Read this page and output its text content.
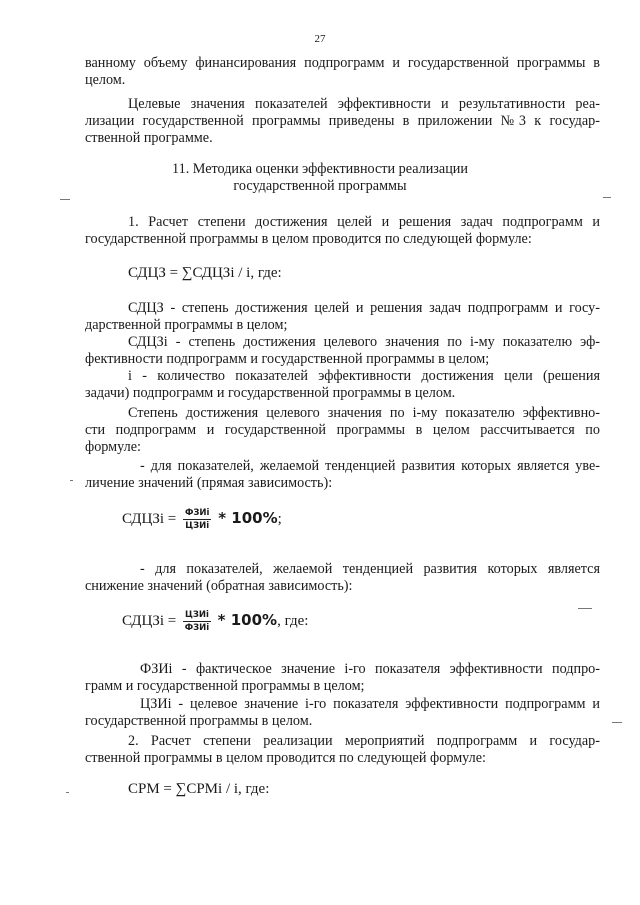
27
ванному объему финансирования подпрограмм и государственной программы в
целом.
Целевые значения показателей эффективности и результативности реа-
лизации государственной программы приведены в приложении №3 к государ-
ственной программе.
11. Методика оценки эффективности реализации
государственной программы
1. Расчет степени достижения целей и решения задач подпрограмм и
государственной программы в целом проводится по следующей формуле:
СДЦЗ = ∑СДЦЗi / i, где:
СДЦЗ - степень достижения целей и решения задач подпрограмм и госу-
дарственной программы в целом;
СДЦЗi - степень достижения целевого значения по i-му показателю эф-
фективности подпрограмм и государственной программы в целом;
i - количество показателей эффективности достижения цели (решения
задачи) подпрограмм и государственной программы в целом.
Степень достижения целевого значения по i-му показателю эффективно-
сти подпрограмм и государственной программы в целом рассчитывается по
формуле:
- для показателей, желаемой тенденцией развития которых является уве-
личение значений (прямая зависимость):
СДЦЗi = $\frac{\text{ФЗИi}}{\text{ЦЗИi}} * 100\%$;
- для показателей, желаемой тенденцией развития которых является
снижение значений (обратная зависимость):
СДЦЗi = $\frac{\text{ЦЗИi}}{\text{ФЗИi}} * 100\%$, где:
ФЗИi - фактическое значение i-го показателя эффективности подпро-
грамм и государственной программы в целом;
ЦЗИi - целевое значение i-го показателя эффективности подпрограмм и
государственной программы в целом.
2. Расчет степени реализации мероприятий подпрограмм и государ-
ственной программы в целом проводится по следующей формуле:
СРМ = ∑СРМi / i, где:
